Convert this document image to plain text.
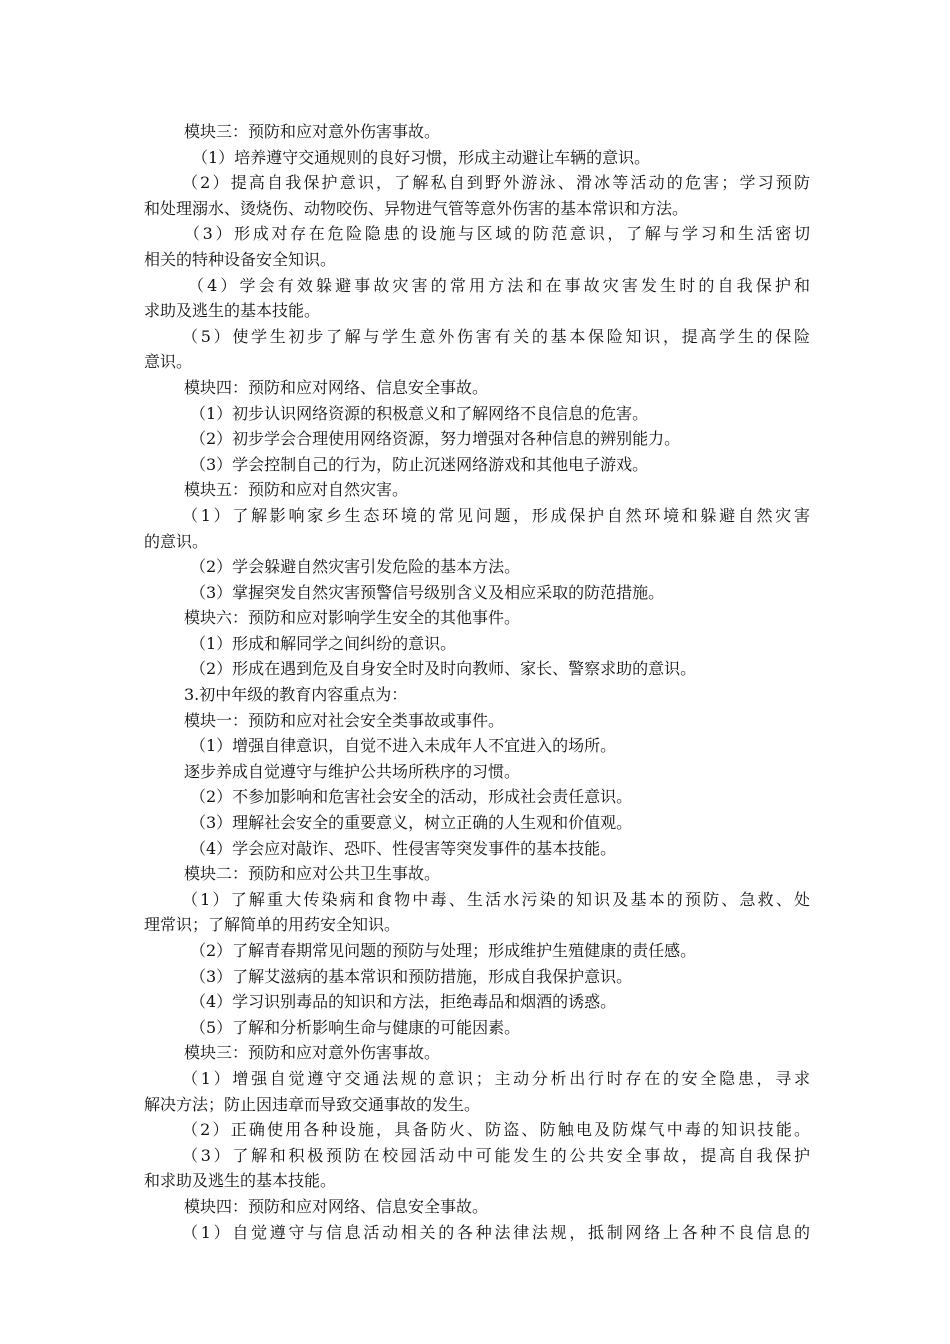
模块三：预防和应对意外伤害事故。
（1）培养遵守交通规则的良好习惯，形成主动避让车辆的意识。
（2）提高自我保护意识，了解私自到野外游泳、滑冰等活动的危害；学习预防
和处理溺水、烫烧伤、动物咬伤、异物进气管等意外伤害的基本常识和方法。
（3）形成对存在危险隐患的设施与区域的防范意识，了解与学习和生活密切
相关的特种设备安全知识。
（4）学会有效躲避事故灾害的常用方法和在事故灾害发生时的自我保护和
求助及逃生的基本技能。
（5）使学生初步了解与学生意外伤害有关的基本保险知识，提高学生的保险
意识。
模块四：预防和应对网络、信息安全事故。
（1）初步认识网络资源的积极意义和了解网络不良信息的危害。
（2）初步学会合理使用网络资源，努力增强对各种信息的辨别能力。
（3）学会控制自己的行为，防止沉迷网络游戏和其他电子游戏。
模块五：预防和应对自然灾害。
（1）了解影响家乡生态环境的常见问题，形成保护自然环境和躲避自然灾害
的意识。
（2）学会躲避自然灾害引发危险的基本方法。
（3）掌握突发自然灾害预警信号级别含义及相应采取的防范措施。
模块六：预防和应对影响学生安全的其他事件。
（1）形成和解同学之间纠纷的意识。
（2）形成在遇到危及自身安全时及时向教师、家长、警察求助的意识。
3.初中年级的教育内容重点为：
模块一：预防和应对社会安全类事故或事件。
（1）增强自律意识，自觉不进入未成年人不宜进入的场所。
逐步养成自觉遵守与维护公共场所秩序的习惯。
（2）不参加影响和危害社会安全的活动，形成社会责任意识。
（3）理解社会安全的重要意义，树立正确的人生观和价值观。
（4）学会应对敲诈、恐吓、性侵害等突发事件的基本技能。
模块二：预防和应对公共卫生事故。
（1）了解重大传染病和食物中毒、生活水污染的知识及基本的预防、急救、处
理常识；了解简单的用药安全知识。
（2）了解青春期常见问题的预防与处理；形成维护生殖健康的责任感。
（3）了解艾滋病的基本常识和预防措施，形成自我保护意识。
（4）学习识别毒品的知识和方法，拒绝毒品和烟酒的诱惑。
（5）了解和分析影响生命与健康的可能因素。
模块三：预防和应对意外伤害事故。
（1）增强自觉遵守交通法规的意识；主动分析出行时存在的安全隐患，寻求
解决方法；防止因违章而导致交通事故的发生。
（2）正确使用各种设施，具备防火、防盗、防触电及防煤气中毒的知识技能。
（3）了解和积极预防在校园活动中可能发生的公共安全事故，提高自我保护
和求助及逃生的基本技能。
模块四：预防和应对网络、信息安全事故。
（1）自觉遵守与信息活动相关的各种法律法规，抵制网络上各种不良信息的
